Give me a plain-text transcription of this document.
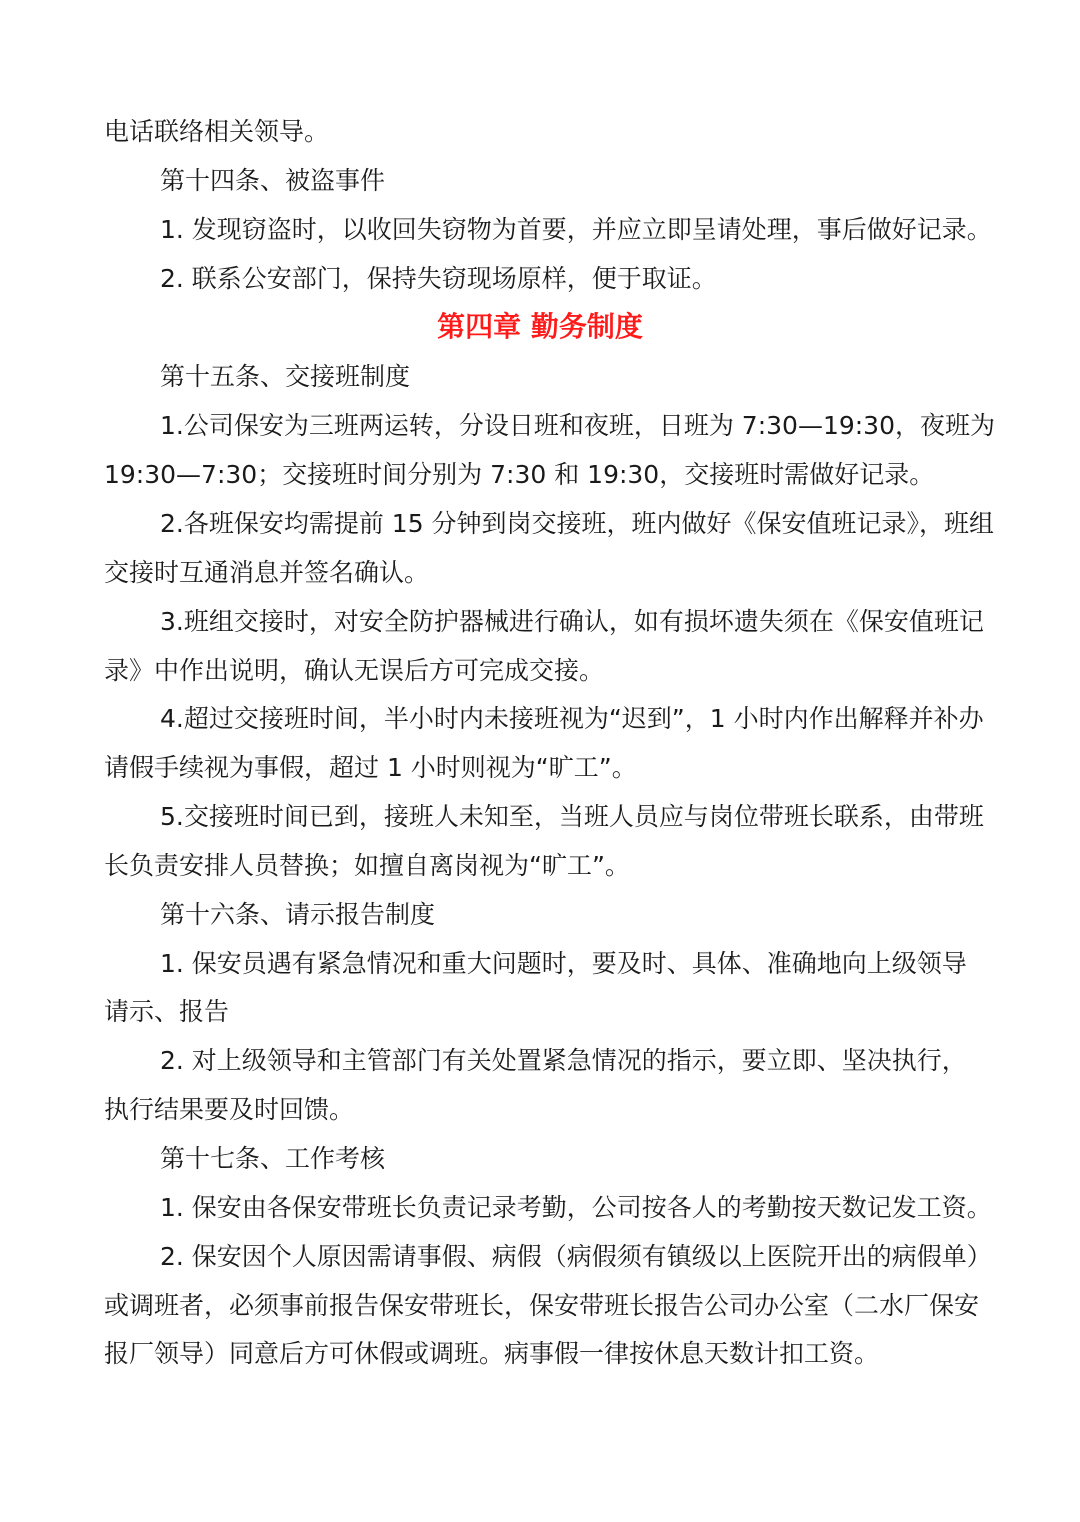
电话联络相关领导。
第十四条、被盗事件
1. 发现窃盗时，以收回失窃物为首要，并应立即呈请处理，事后做好记录。
2. 联系公安部门，保持失窃现场原样，便于取证。
第四章 勤务制度
第十五条、交接班制度
1.公司保安为三班两运转，分设日班和夜班，日班为 7:30—19:30，夜班为
19:30—7:30；交接班时间分别为 7:30 和 19:30，交接班时需做好记录。
2.各班保安均需提前 15 分钟到岗交接班，班内做好《保安值班记录》，班组
交接时互通消息并签名确认。
3.班组交接时，对安全防护器械进行确认，如有损坏遗失须在《保安值班记
录》中作出说明，确认无误后方可完成交接。
4.超过交接班时间，半小时内未接班视为“迟到”，1 小时内作出解释并补办
请假手续视为事假，超过 1 小时则视为“旷工”。
5.交接班时间已到，接班人未知至，当班人员应与岗位带班长联系，由带班
长负责安排人员替换；如擅自离岗视为“旷工”。
第十六条、请示报告制度
1. 保安员遇有紧急情况和重大问题时，要及时、具体、准确地向上级领导
请示、报告
2. 对上级领导和主管部门有关处置紧急情况的指示，要立即、坚决执行，
执行结果要及时回馈。
第十七条、工作考核
1. 保安由各保安带班长负责记录考勤，公司按各人的考勤按天数记发工资。
2. 保安因个人原因需请事假、病假（病假须有镇级以上医院开出的病假单）
或调班者，必须事前报告保安带班长，保安带班长报告公司办公室（二水厂保安
报厂领导）同意后方可休假或调班。病事假一律按休息天数计扣工资。
